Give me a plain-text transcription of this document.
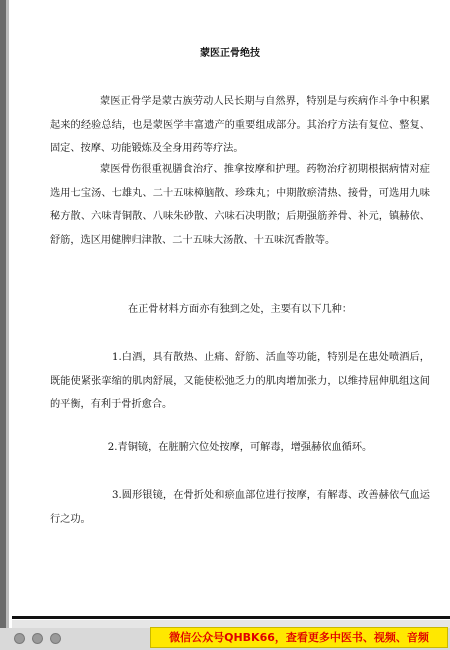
蒙医正骨绝技
蒙医正骨学是蒙古族劳动人民长期与自然界，特别是与疾病作斗争中积累起来的经验总结，也是蒙医学丰富遗产的重要组成部分。其治疗方法有复位、整复、固定、按摩、功能锻炼及全身用药等疗法。
蒙医骨伤很重视膳食治疗、推拿按摩和护理。药物治疗初期根据病情对症选用七宝汤、七雄丸、二十五味樟脑散、珍珠丸；中期散瘀清热、接骨，可选用九味秘方散、六味青铜散、八味朱砂散、六味石决明散；后期强筋养骨、补元，镇赫依、舒筋，选区用健脾归津散、二十五味大汤散、十五味沉香散等。
在正骨材料方面亦有独到之处，主要有以下几种：
1.白酒，具有散热、止痛、舒筋、活血等功能，特别是在患处喷酒后，既能使紧张挛缩的肌肉舒展，又能使松弛乏力的肌肉增加张力，以维持屈伸肌组这间的平衡，有利于骨折愈合。
2.青铜镜，在脏腑穴位处按摩，可解毒，增强赫依血循环。
3.圆形银镜，在骨折处和瘀血部位进行按摩，有解毒、改善赫依气血运行之功。
微信公众号QHBK66，查看更多中医书、视频、音频
